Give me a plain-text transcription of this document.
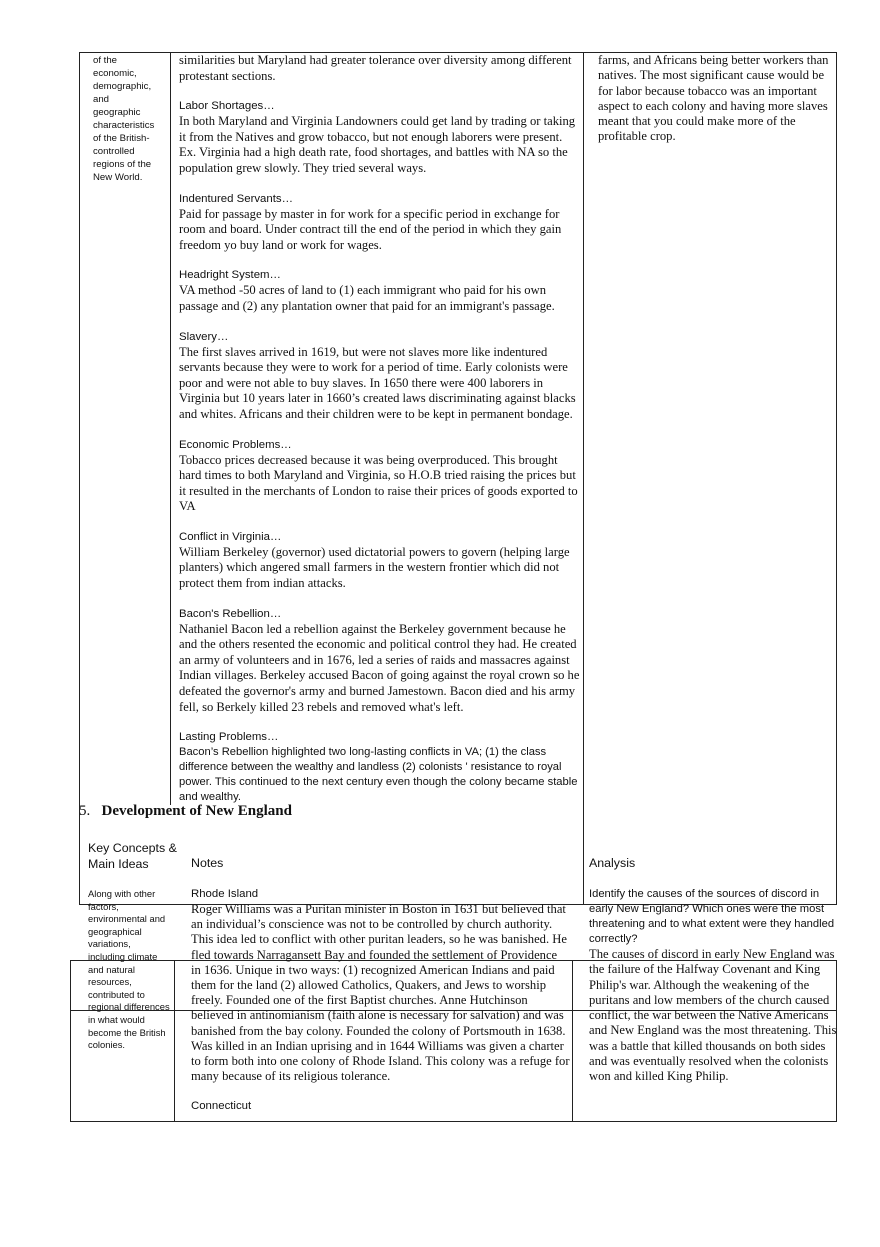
of the
economic,
demographic,
and
geographic
characteristics
of the British-
controlled
regions of the
New World.

similarities but Maryland had greater tolerance over diversity among different protestant sections.

Labor Shortages…

In both Maryland and Virginia Landowners could get land by trading or taking it from the Natives and grow tobacco, but not enough laborers were present. Ex. Virginia had a high death rate, food shortages, and battles with NA so the population grew slowly. They tried several ways.

Indentured Servants…

Paid for passage by master in for work for a specific period in exchange for room and board. Under contract till the end of the period in which they gain freedom yo buy land or work for wages.

Headright System…

VA method -50 acres of land to (1) each immigrant who paid for his own passage and (2) any plantation owner that paid for an immigrant's passage.

Slavery…

The first slaves arrived in 1619, but were not slaves more like indentured servants because they were to work for a period of time. Early colonists were poor and were not able to buy slaves. In 1650 there were 400 laborers in Virginia but 10 years later in 1660’s created laws discriminating against blacks and whites. Africans and their children were to be kept in permanent bondage.

Economic Problems…

Tobacco prices decreased because it was being overproduced. This brought hard times to both Maryland and Virginia, so H.O.B tried raising the prices but it resulted in the merchants of London to raise their prices of goods exported to VA

Conflict in Virginia…

William Berkeley (governor) used dictatorial powers to govern (helping large planters) which angered small farmers in the western frontier which did not protect them from indian attacks.

Bacon's Rebellion…

Nathaniel Bacon led a rebellion against the Berkeley government because he and the others resented the economic and political control they had. He created an army of volunteers and in 1676, led a series of raids and massacres against Indian villages. Berkeley accused Bacon of going against the royal crown so he defeated the governor's army and burned Jamestown. Bacon died and his army fell, so Berkely killed 23 rebels and removed what's left.

Lasting Problems…

Bacon’s Rebellion highlighted two long-lasting conflicts in VA; (1) the class difference between the wealthy and landless (2) colonists ' resistance to royal power. This continued to the next century even though the colony became stable and wealthy.

farms, and Africans being better workers than natives. The most significant cause would be for labor because tobacco was an important aspect to each colony and having more slaves meant that you could make more of the profitable crop.
5. Development of New England
Key Concepts &
Main Ideas	Notes	Analysis
Along with other
factors,
environmental and
geographical
variations,
including climate
and natural
resources,
contributed to
regional differences
in what would
become the British
colonies.

Rhode Island

Roger Williams was a Puritan minister in Boston in 1631 but believed that an individual’s conscience was not to be controlled by church authority. This idea led to conflict with other puritan leaders, so he was banished. He fled towards Narragansett Bay and founded the settlement of Providence in 1636. Unique in two ways: (1) recognized American Indians and paid them for the land (2) allowed Catholics, Quakers, and Jews to worship freely. Founded one of the first Baptist churches. Anne Hutchinson believed in antinomianism (faith alone is necessary for salvation) and was banished from the bay colony. Founded the colony of Portsmouth in 1638. Was killed in an Indian uprising and in 1644 Williams was given a charter to form both into one colony of Rhode Island. This colony was a refuge for many because of its religious tolerance.

Connecticut

Identify the causes of the sources of discord in early New England? Which ones were the most threatening and to what extent were they handled correctly?
The causes of discord in early New England was the failure of the Halfway Covenant and King Philip's war. Although the weakening of the puritans and low members of the church caused conflict, the war between the Native Americans and New England was the most threatening. This was a battle that killed thousands on both sides and was eventually resolved when the colonists won and killed King Philip.
